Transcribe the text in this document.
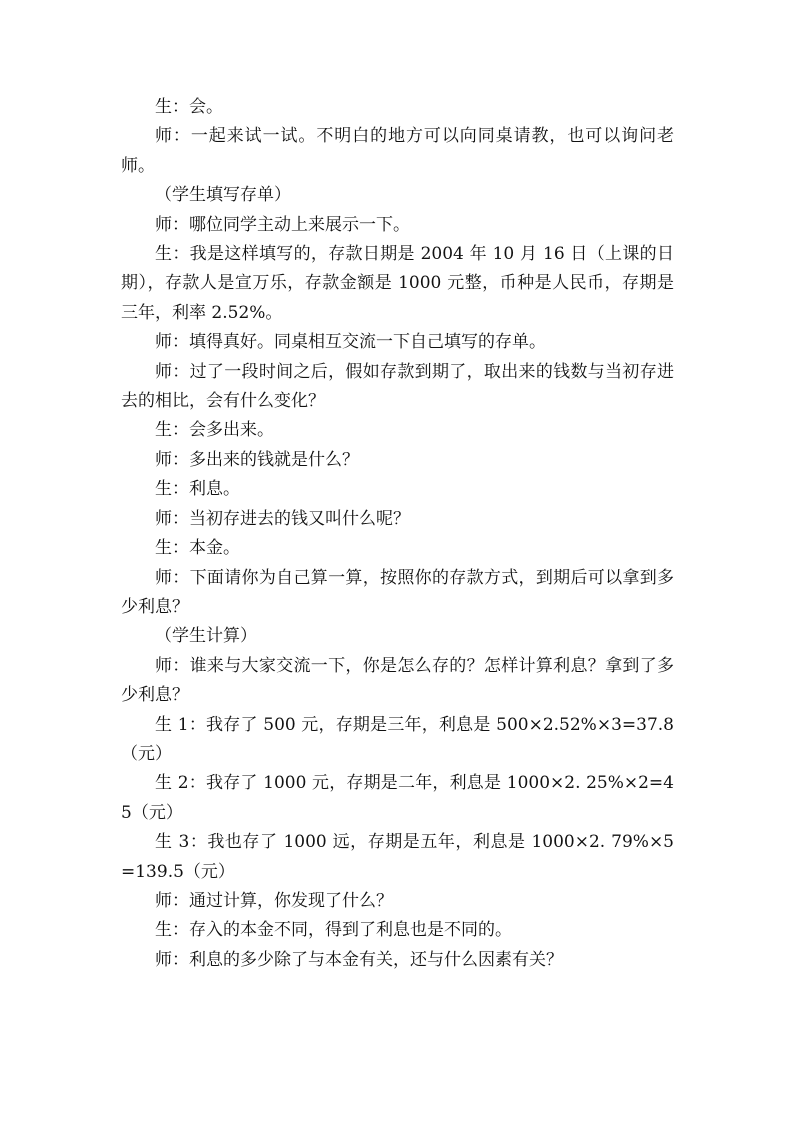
生：会。

师：一起来试一试。不明白的地方可以向同桌请教，也可以询问老师。

（学生填写存单）

师：哪位同学主动上来展示一下。

生：我是这样填写的，存款日期是 2004 年 10 月 16 日（上课的日期），存款人是宣万乐，存款金额是 1000 元整，币种是人民币，存期是三年，利率 2.52%。

师：填得真好。同桌相互交流一下自己填写的存单。

师：过了一段时间之后，假如存款到期了，取出来的钱数与当初存进去的相比，会有什么变化？

生：会多出来。

师：多出来的钱就是什么？

生：利息。

师：当初存进去的钱又叫什么呢？

生：本金。

师：下面请你为自己算一算，按照你的存款方式，到期后可以拿到多少利息？

（学生计算）

师：谁来与大家交流一下，你是怎么存的？怎样计算利息？拿到了多少利息？

生 1：我存了 500 元，存期是三年，利息是 500×2.52%×3=37.8（元）

生 2：我存了 1000 元，存期是二年，利息是 1000×2. 25%×2=45（元）

生 3：我也存了 1000 远，存期是五年，利息是 1000×2. 79%×5=139.5（元）

师：通过计算，你发现了什么？

生：存入的本金不同，得到了利息也是不同的。

师：利息的多少除了与本金有关，还与什么因素有关？
